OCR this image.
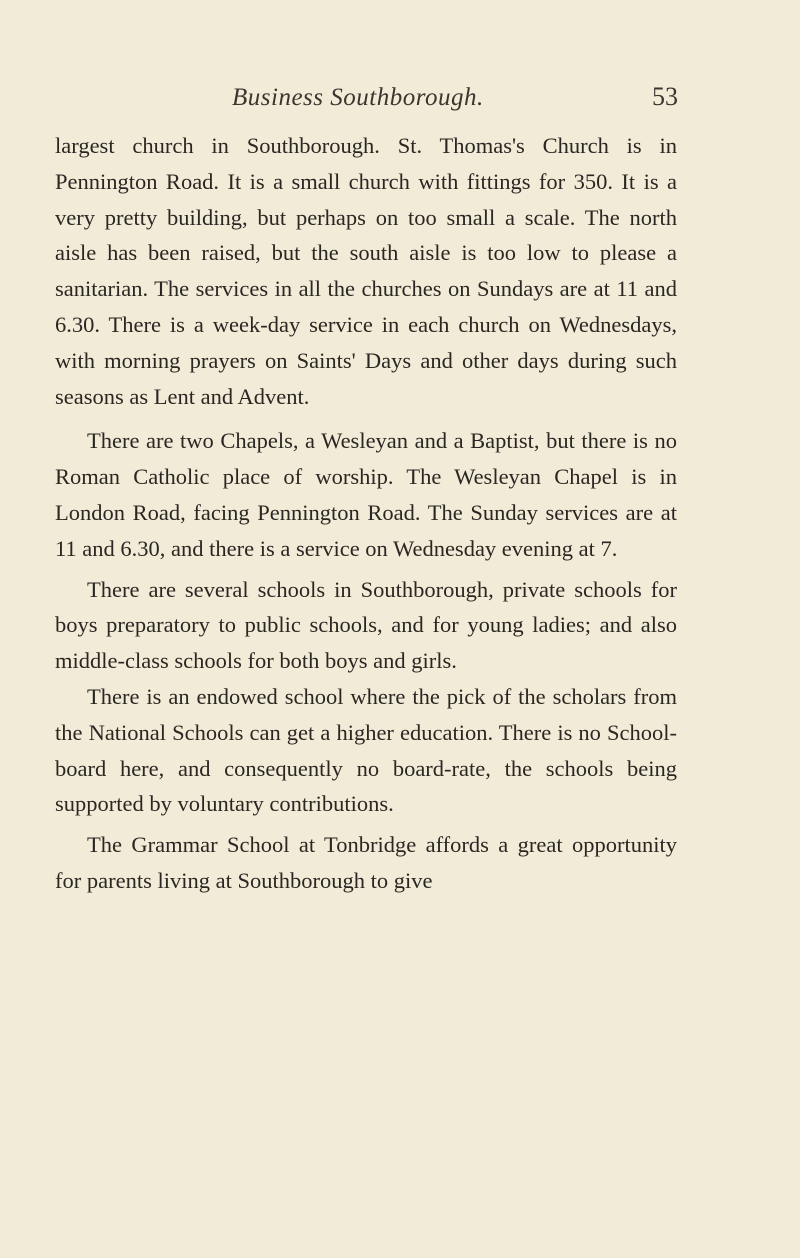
Business Southborough.	53

largest church in Southborough. St. Thomas's Church is in Pennington Road. It is a small church with fittings for 350. It is a very pretty building, but perhaps on too small a scale. The north aisle has been raised, but the south aisle is too low to please a sanitarian. The services in all the churches on Sundays are at 11 and 6.30. There is a week-day service in each church on Wednesdays, with morning prayers on Saints' Days and other days during such seasons as Lent and Advent.

There are two Chapels, a Wesleyan and a Baptist, but there is no Roman Catholic place of worship. The Wesleyan Chapel is in London Road, facing Pennington Road. The Sunday services are at 11 and 6.30, and there is a service on Wednesday evening at 7.

There are several schools in Southborough, private schools for boys preparatory to public schools, and for young ladies; and also middle-class schools for both boys and girls.

There is an endowed school where the pick of the scholars from the National Schools can get a higher education. There is no School-board here, and consequently no board-rate, the schools being supported by voluntary contributions.

The Grammar School at Tonbridge affords a great opportunity for parents living at Southborough to give
